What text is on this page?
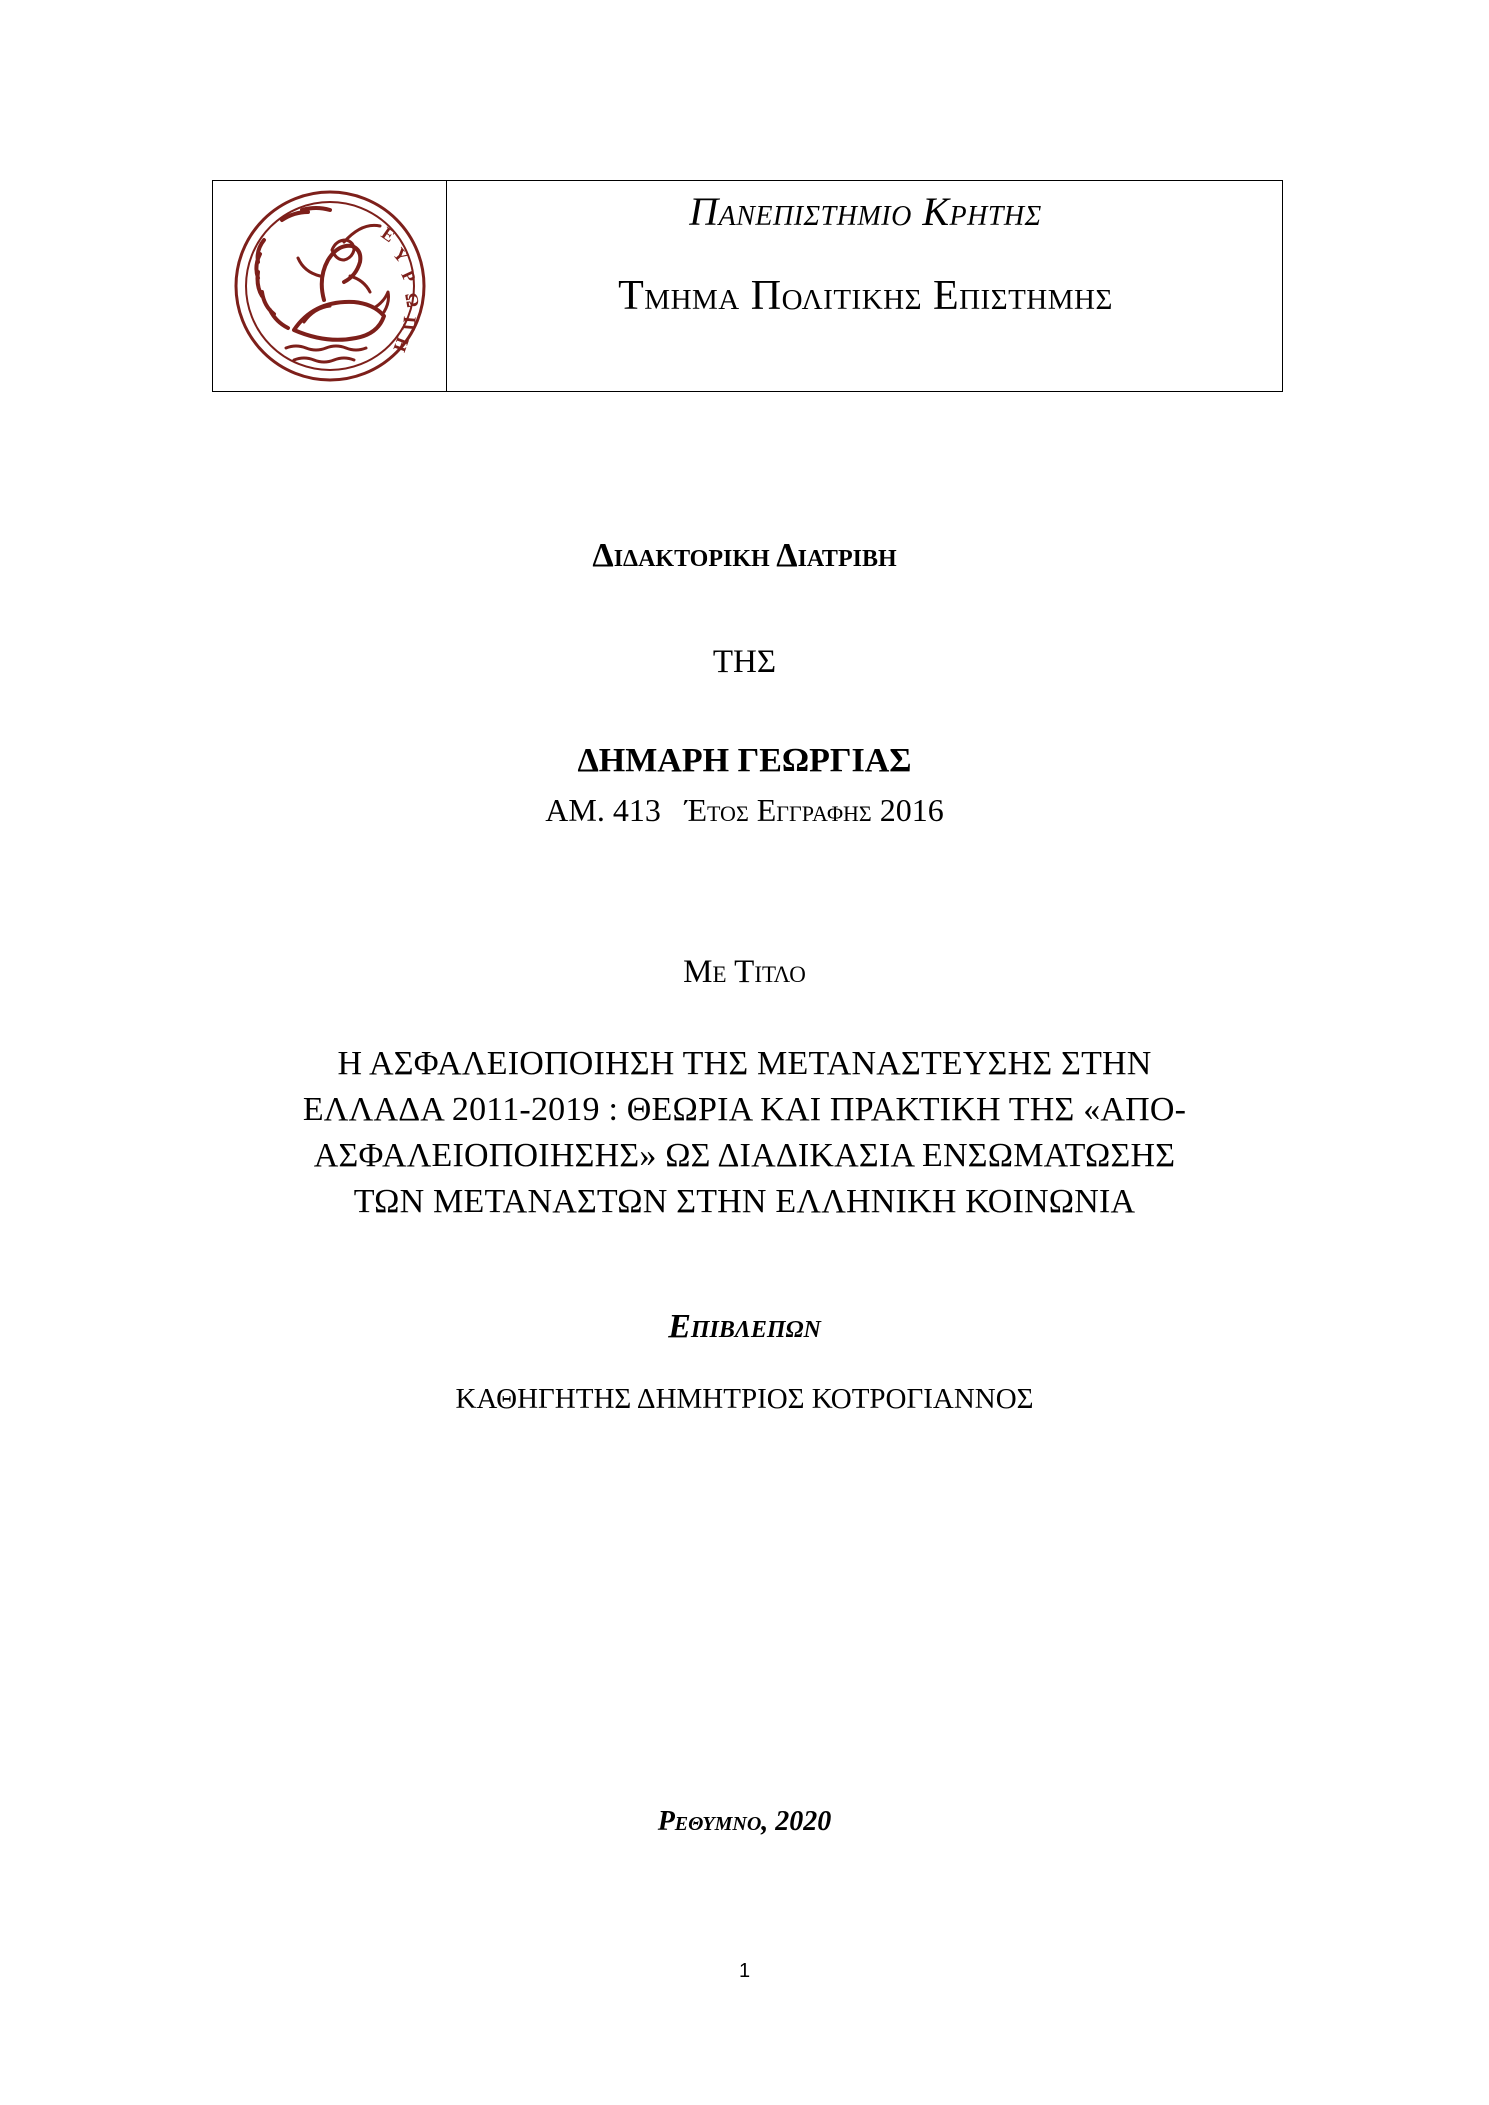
Ε
Υ
Ρ
Ω
Π
Η
Πανεπιστημιο Κρητης
Τμημα Πολιτικης Επιστημης
Διδακτορικη Διατριβη
ΤΗΣ
ΔΗΜΑΡΗ ΓΕΩΡΓΙΑΣ
ΑΜ. 413 Έτος Εγγραφης 2016
Με Τιτλο
Η ΑΣΦΑΛΕΙΟΠΟΙΗΣΗ ΤΗΣ ΜΕΤΑΝΑΣΤΕΥΣΗΣ ΣΤΗΝ
ΕΛΛΑΔΑ 2011-2019 : ΘΕΩΡΙΑ ΚΑΙ ΠΡΑΚΤΙΚΗ ΤΗΣ «ΑΠΟ-
ΑΣΦΑΛΕΙΟΠΟΙΗΣΗΣ» ΩΣ ΔΙΑΔΙΚΑΣΙΑ ΕΝΣΩΜΑΤΩΣΗΣ
ΤΩΝ ΜΕΤΑΝΑΣΤΩΝ ΣΤΗΝ ΕΛΛΗΝΙΚΗ ΚΟΙΝΩΝΙΑ
Επιβλεπων
ΚΑΘΗΓΗΤΗΣ ΔΗΜΗΤΡΙΟΣ ΚΟΤΡΟΓΙΑΝΝΟΣ
Ρεθυμνο, 2020
1
